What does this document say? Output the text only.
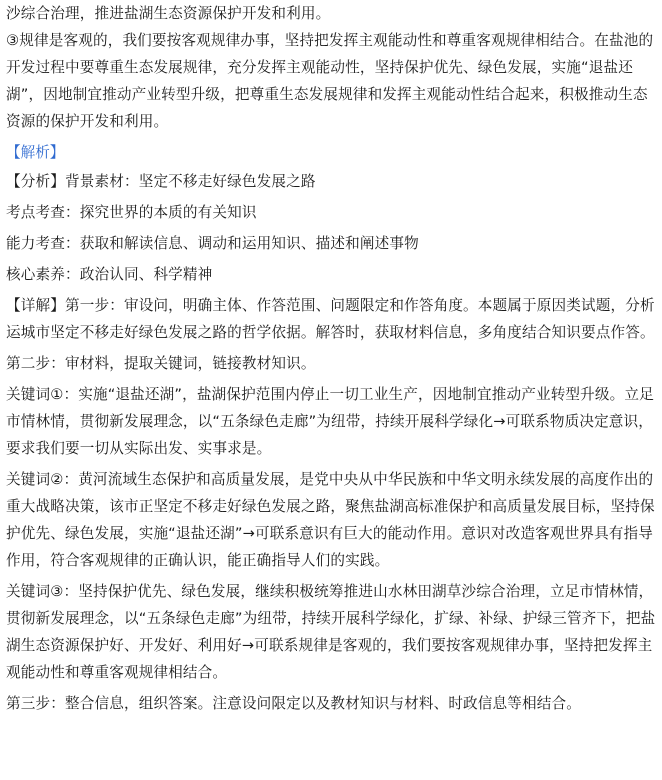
沙综合治理，推进盐湖生态资源保护开发和利用。

③规律是客观的，我们要按客观规律办事，坚持把发挥主观能动性和尊重客观规律相结合。在盐池的开发过程中要尊重生态发展规律，充分发挥主观能动性，坚持保护优先、绿色发展，实施“退盐还湖”，因地制宜推动产业转型升级，把尊重生态发展规律和发挥主观能动性结合起来，积极推动生态资源的保护开发和利用。

【解析】

【分析】背景素材：坚定不移走好绿色发展之路

考点考查：探究世界的本质的有关知识

能力考查：获取和解读信息、调动和运用知识、描述和阐述事物

核心素养：政治认同、科学精神

【详解】第一步：审设问，明确主体、作答范围、问题限定和作答角度。本题属于原因类试题，分析运城市坚定不移走好绿色发展之路的哲学依据。解答时，获取材料信息，多角度结合知识要点作答。

第二步：审材料，提取关键词，链接教材知识。

关键词①：实施“退盐还湖”，盐湖保护范围内停止一切工业生产，因地制宜推动产业转型升级。立足市情林情，贯彻新发展理念，以“五条绿色走廊”为纽带，持续开展科学绿化→可联系物质决定意识，要求我们要一切从实际出发、实事求是。

关键词②：黄河流域生态保护和高质量发展，是党中央从中华民族和中华文明永续发展的高度作出的重大战略决策，该市正坚定不移走好绿色发展之路，聚焦盐湖高标准保护和高质量发展目标，坚持保护优先、绿色发展，实施“退盐还湖”→可联系意识有巨大的能动作用。意识对改造客观世界具有指导作用，符合客观规律的正确认识，能正确指导人们的实践。

关键词③：坚持保护优先、绿色发展，继续积极统筹推进山水林田湖草沙综合治理，立足市情林情，贯彻新发展理念，以“五条绿色走廊”为纽带，持续开展科学绿化，扩绿、补绿、护绿三管齐下，把盐湖生态资源保护好、开发好、利用好→可联系规律是客观的，我们要按客观规律办事，坚持把发挥主观能动性和尊重客观规律相结合。

第三步：整合信息，组织答案。注意设问限定以及教材知识与材料、时政信息等相结合。
